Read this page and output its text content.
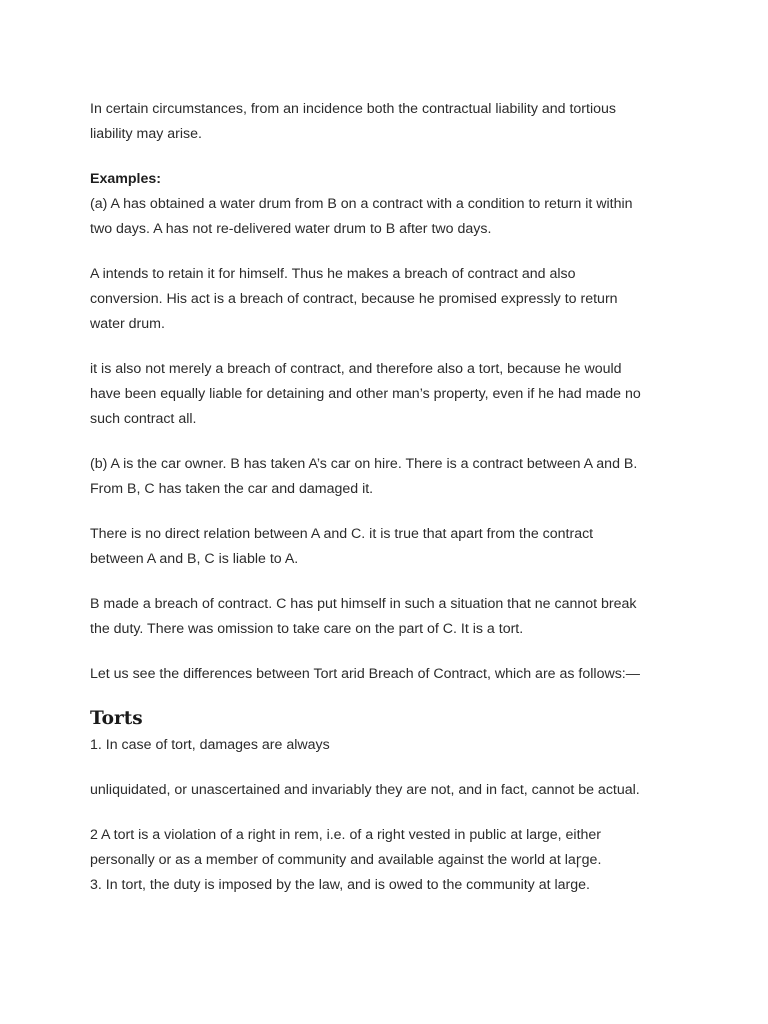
In certain circumstances, from an incidence both the contractual liability and tortious
liability may arise.

Examples:

(a) A has obtained a water drum from B on a contract with a condition to return it within
two days. A has not re-delivered water drum to B after two days.

A intends to retain it for himself. Thus he makes a breach of contract and also
conversion. His act is a breach of contract, because he promised expressly to return
water drum.

it is also not merely a breach of contract, and therefore also a tort, because he would
have been equally liable for detaining and other man’s property, even if he had made no
such contract all.

(b) A is the car owner. B has taken A’s car on hire. There is a contract between A and B.
From B, C has taken the car and damaged it.

There is no direct relation between A and C. it is true that apart from the contract
between A and B, C is liable to A.

B made a breach of contract. C has put himself in such a situation that ne cannot break
the duty. There was omission to take care on the part of C. It is a tort.

Let us see the differences between Tort arid Breach of Contract, which are as follows:—

Torts

1. In case of tort, damages are always

unliquidated, or unascertained and invariably they are not, and in fact, cannot be actual.

2 A tort is a violation of a right in rem, i.e. of a right vested in public at large, either
personally or as a member of community and available against the world at laꞅge.

3. In tort, the duty is imposed by the law, and is owed to the community at large.
